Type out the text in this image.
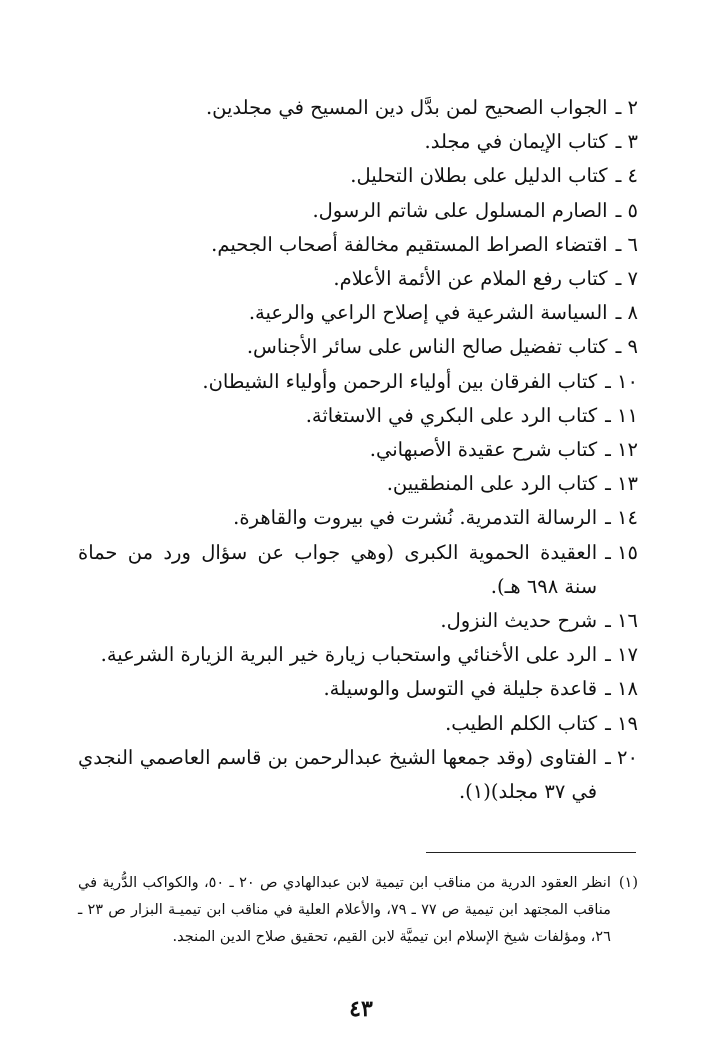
٢ ـ
الجواب الصحيح لمن بدَّل دين المسيح في مجلدين.
٣ ـ
كتاب الإيمان في مجلد.
٤ ـ
كتاب الدليل على بطلان التحليل.
٥ ـ
الصارم المسلول على شاتم الرسول.
٦ ـ
اقتضاء الصراط المستقيم مخالفة أصحاب الجحيم.
٧ ـ
كتاب رفع الملام عن الأئمة الأعلام.
٨ ـ
السياسة الشرعية في إصلاح الراعي والرعية.
٩ ـ
كتاب تفضيل صالح الناس على سائر الأجناس.
١٠ ـ
كتاب الفرقان بين أولياء الرحمن وأولياء الشيطان.
١١ ـ
كتاب الرد على البكري في الاستغاثة.
١٢ ـ
كتاب شرح عقيدة الأصبهاني.
١٣ ـ
كتاب الرد على المنطقيين.
١٤ ـ
الرسالة التدمرية. نُشرت في بيروت والقاهرة.
١٥ ـ
العقيدة الحموية الكبرى (وهي جواب عن سؤال ورد من حماة سنة ٦٩٨ هـ).
١٦ ـ
شرح حديث النزول.
١٧ ـ
الرد على الأخنائي واستحباب زيارة خير البرية الزيارة الشرعية.
١٨ ـ
قاعدة جليلة في التوسل والوسيلة.
١٩ ـ
كتاب الكلم الطيب.
٢٠ ـ
الفتاوى (وقد جمعها الشيخ عبدالرحمن بن قاسم العاصمي النجدي في ٣٧ مجلد)(١).
(١)
انظر العقود الدرية من مناقب ابن تيمية لابن عبدالهادي ص ٢٠ ـ ٥٠، والكواكب الدُّرية في مناقب المجتهد ابن تيمية ص ٧٧ ـ ٧٩، والأعلام العلية في مناقب ابن تيميـة البزار ص ٢٣ ـ ٢٦، ومؤلفات شيخ الإسلام ابن تيميَّة لابن القيم، تحقيق صلاح الدين المنجد.
٤٣
